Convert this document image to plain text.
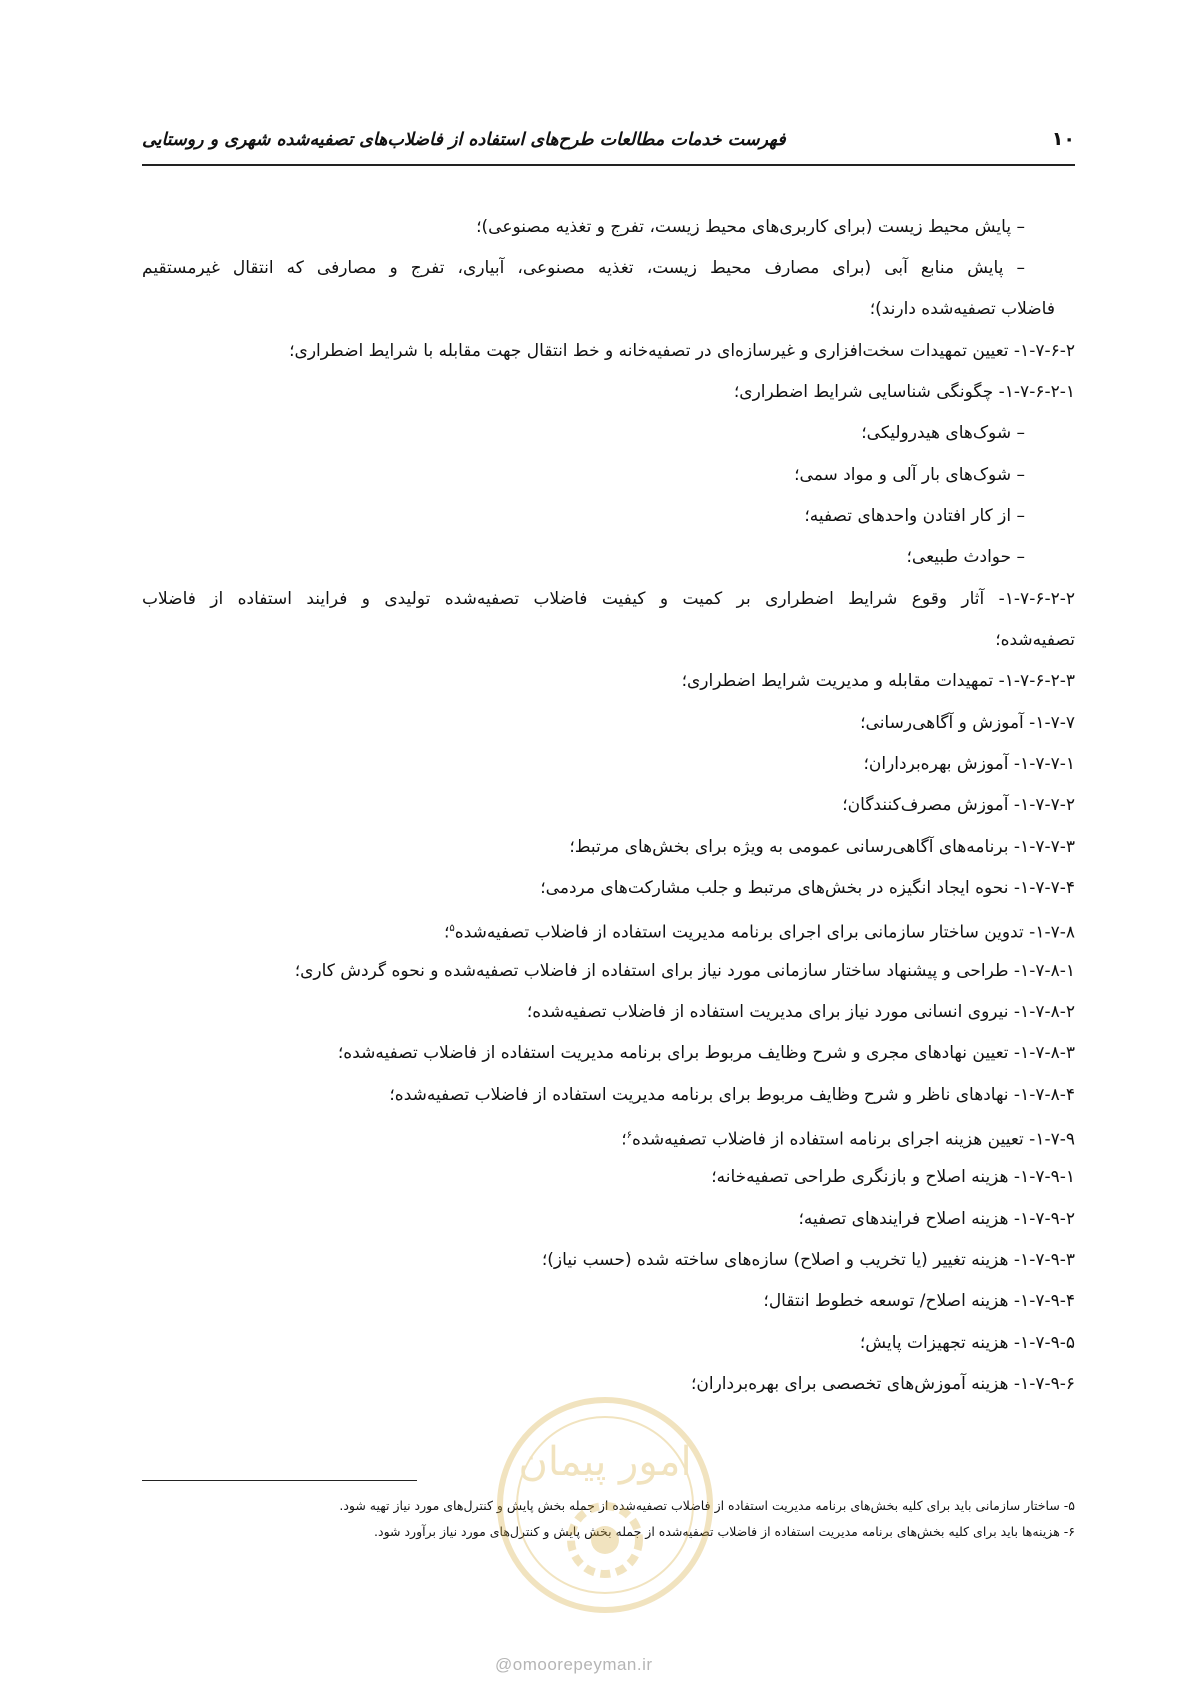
۱۰
فهرست خدمات مطالعات طرح‌های استفاده از فاضلاب‌های تصفیه‌شده شهری و روستایی
– پایش محیط زیست (برای کاربری‌های محیط زیست، تفرج و تغذیه مصنوعی)؛
– پایش منابع آبی (برای مصارف محیط زیست، تغذیه مصنوعی، آبیاری، تفرج و مصارفی که انتقال غیرمستقیم
فاضلاب تصفیه‌شده دارند)؛
۱-۷-۶-۲- تعیین تمهیدات سخت‌افزاری و غیرسازه‌ای در تصفیه‌خانه و خط انتقال جهت مقابله با شرایط اضطراری؛
۱-۷-۶-۲-۱- چگونگی شناسایی شرایط اضطراری؛
– شوک‌های هیدرولیکی؛
– شوک‌های بار آلی و مواد سمی؛
– از کار افتادن واحدهای تصفیه؛
– حوادث طبیعی؛
۱-۷-۶-۲-۲- آثار وقوع شرایط اضطراری بر کمیت و کیفیت فاضلاب تصفیه‌شده تولیدی و فرایند استفاده از فاضلاب
تصفیه‌شده؛
۱-۷-۶-۲-۳- تمهیدات مقابله و مدیریت شرایط اضطراری؛
۱-۷-۷- آموزش و آگاهی‌رسانی؛
۱-۷-۷-۱- آموزش بهره‌برداران؛
۱-۷-۷-۲- آموزش مصرف‌کنندگان؛
۱-۷-۷-۳- برنامه‌های آگاهی‌رسانی عمومی به ویژه برای بخش‌های مرتبط؛
۱-۷-۷-۴- نحوه ایجاد انگیزه در بخش‌های مرتبط و جلب مشارکت‌های مردمی؛
۱-۷-۸- تدوین ساختار سازمانی برای اجرای برنامه مدیریت استفاده از فاضلاب تصفیه‌شده$^۵$؛
۱-۷-۸-۱- طراحی و پیشنهاد ساختار سازمانی مورد نیاز برای استفاده از فاضلاب تصفیه‌شده و نحوه گردش کاری؛
۱-۷-۸-۲- نیروی انسانی مورد نیاز برای مدیریت استفاده از فاضلاب تصفیه‌شده؛
۱-۷-۸-۳- تعیین نهادهای مجری و شرح وظایف مربوط برای برنامه مدیریت استفاده از فاضلاب تصفیه‌شده؛
۱-۷-۸-۴- نهادهای ناظر و شرح وظایف مربوط برای برنامه مدیریت استفاده از فاضلاب تصفیه‌شده؛
۱-۷-۹- تعیین هزینه اجرای برنامه استفاده از فاضلاب تصفیه‌شده$^۶$؛
۱-۷-۹-۱- هزینه اصلاح و بازنگری طراحی تصفیه‌خانه؛
۱-۷-۹-۲- هزینه اصلاح فرایندهای تصفیه؛
۱-۷-۹-۳- هزینه تغییر (یا تخریب و اصلاح) سازه‌های ساخته شده (حسب نیاز)؛
۱-۷-۹-۴- هزینه اصلاح/ توسعه خطوط انتقال؛
۱-۷-۹-۵- هزینه تجهیزات پایش؛
۱-۷-۹-۶- هزینه آموزش‌های تخصصی برای بهره‌برداران؛
۵- ساختار سازمانی باید برای کلیه بخش‌های برنامه مدیریت استفاده از فاضلاب تصفیه‌شده از جمله بخش پایش و کنترل‌های مورد نیاز تهیه شود.
۶- هزینه‌ها باید برای کلیه بخش‌های برنامه مدیریت استفاده از فاضلاب تصفیه‌شده از جمله بخش پایش و کنترل‌های مورد نیاز برآورد شود.
امور پیمان
@omoorepeyman.ir
